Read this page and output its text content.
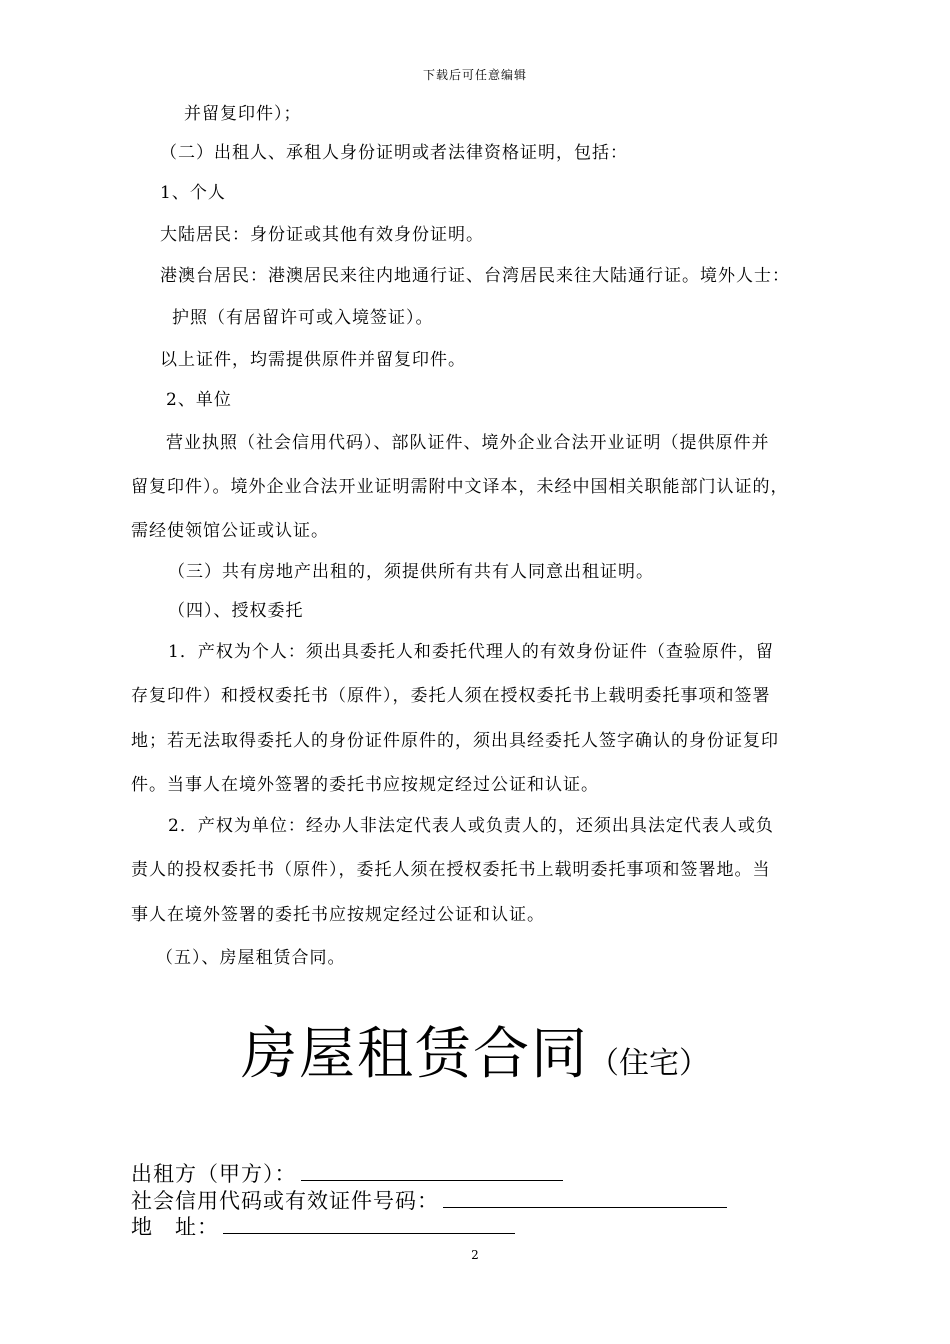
下载后可任意编辑
并留复印件）；
（二）出租人、承租人身份证明或者法律资格证明，包括：
1、个人
大陆居民：身份证或其他有效身份证明。
港澳台居民：港澳居民来往内地通行证、台湾居民来往大陆通行证。境外人士：
护照（有居留许可或入境签证）。
以上证件，均需提供原件并留复印件。
2、单位
营业执照（社会信用代码）、部队证件、境外企业合法开业证明（提供原件并
留复印件）。境外企业合法开业证明需附中文译本，未经中国相关职能部门认证的，
需经使领馆公证或认证。
（三）共有房地产出租的，须提供所有共有人同意出租证明。
（四）、授权委托
1．产权为个人：须出具委托人和委托代理人的有效身份证件（查验原件，留
存复印件）和授权委托书（原件），委托人须在授权委托书上载明委托事项和签署
地；若无法取得委托人的身份证件原件的，须出具经委托人签字确认的身份证复印
件。当事人在境外签署的委托书应按规定经过公证和认证。
2．产权为单位：经办人非法定代表人或负责人的，还须出具法定代表人或负
责人的投权委托书（原件），委托人须在授权委托书上载明委托事项和签署地。当
事人在境外签署的委托书应按规定经过公证和认证。
（五）、房屋租赁合同。
房屋租赁合同（住宅）
出租方（甲方）：
社会信用代码或有效证件号码：
地　址：
2
